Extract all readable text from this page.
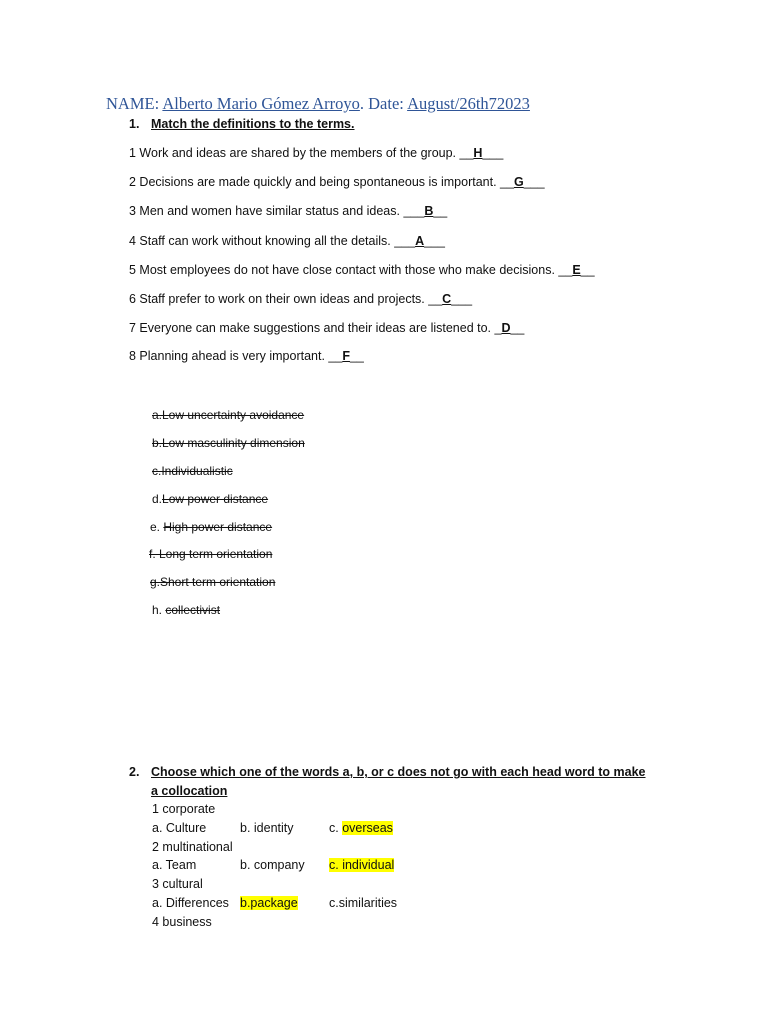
NAME: Alberto Mario Gómez Arroyo. Date: August/26th72023
1. Match the definitions to the terms.
1 Work and ideas are shared by the members of the group. __H___
2 Decisions are made quickly and being spontaneous is important. __G___
3 Men and women have similar status and ideas. ___B__
4 Staff can work without knowing all the details. ___A___
5 Most employees do not have close contact with those who make decisions. __E__
6 Staff prefer to work on their own ideas and projects. __C___
7 Everyone can make suggestions and their ideas are listened to. _D__
8 Planning ahead is very important. __F__
a.Low uncertainty avoidance
b.Low masculinity dimension
c.Individualistic
d.Low power distance
e. High power distance
f. Long term orientation
g.Short term orientation
h. collectivist
2. Choose which one of the words a, b, or c does not go with each head word to make a collocation
1 corporate
a. Culture	b. identity	c. overseas
2 multinational
a. Team	b. company c. individual
3 cultural
a. Differences b.package	c.similarities
4 business
